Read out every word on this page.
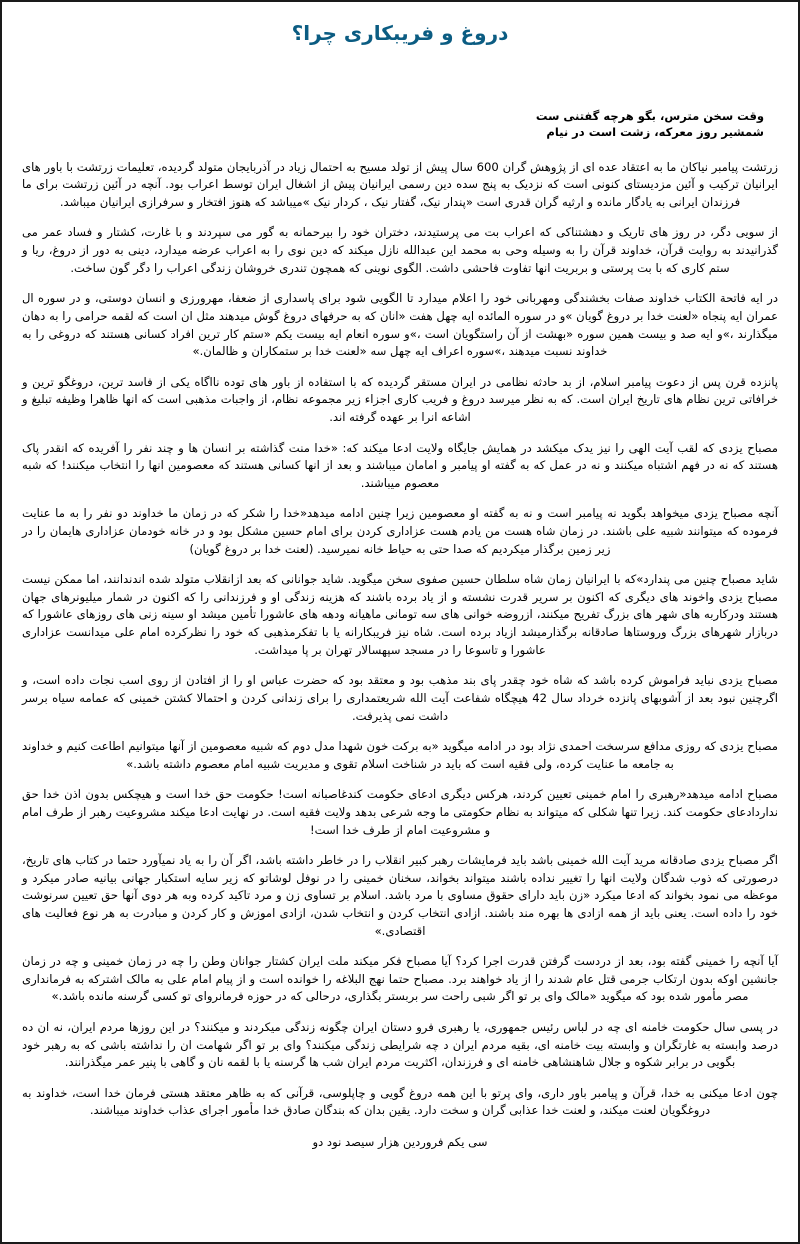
دروغ و فریبکاری چرا؟
وقت سخن مترس، بگو هرچه گفتنی ست
شمشیر روز معرکه، زشت است در نیام

زرتشت پیامبر نیاکان ما به اعتقاد عده ای از پژوهش گران 600 سال پیش از تولد مسیح به احتمال زیاد در آذربایجان متولد گردیده، تعلیمات زرتشت با باور های ایرانیان ترکیب و آئین مزدیستای کنونی است که نزدیک به پنج سده دین رسمی ایرانیان پیش از اشغال ایران توسط اعراب بود. آنچه در آئین زرتشت برای ما فرزندان ایرانی به یادگار مانده و ارثیه گران قدری است «پندار نیک، گفتار نیک ، کردار نیک »میباشد که هنوز افتخار و سرفرازی ایرانیان میباشد.

از سویی دگر، در روز های تاریک و دهشتناکی که اعراب بت می پرستیدند، دختران خود را بیرحمانه به گور می سپردند و با غارت، کشتار و فساد عمر می گذرانیدند به روایت قرآن، خداوند قرآن را به وسیله وحی به محمد این عبدالله نازل میکند که دین نوی را به اعراب عرضه میدارد، دینی به دور از دروغ، ریا و ستم کاری که با بت پرستی و بربریت انها تفاوت فاحشی داشت. الگوی نوینی که همچون تندری خروشان زندگی اعراب را دگر گون ساخت.

در ایه فاتحة الکتاب خداوند صفات بخشندگی ومهربانی خود را اعلام میدارد تا الگویی شود برای پاسداری از ضعفا، مهرورزی و انسان دوستی، و در سوره ال عمران ایه پنجاه «لعنت خدا بر دروغ گویان »و در سوره المائده ایه چهل هفت «انان که به حرفهای دروغ گوش میدهند مثل ان است که لقمه حرامی را به دهان میگذارند ،»و ایه صد و بیست همین سوره «بهشت از آن راستگویان است ،»و سوره انعام ایه بیست یکم «ستم کار ترین افراد کسانی هستند که دروغی را به خداوند نسبت میدهند ،»سوره اعراف ایه چهل سه «لعنت خدا بر ستمکاران و ظالمان.»

پانزده قرن پس از دعوت پیامبر اسلام، از بد حادثه نظامی در ایران مستقر گردیده که با استفاده از باور های توده نااگاه یکی از فاسد ترین، دروغگو ترین و خرافاتی ترین نظام های تاریخ ایران است. که به نظر میرسد دروغ و فریب کاری اجزاء زیر مجموعه نظام، از واجبات مذهبی است که انها ظاهرا وظیفه تبلیغ و اشاعه انرا بر عهده گرفته اند.

مصباح یزدی که لقب آیت الهی را نیز یدک میکشد در همایش جایگاه ولایت ادعا میکند که: «خدا منت گذاشته بر انسان ها و چند نفر را آفریده که انقدر پاک هستند که نه در فهم اشتباه میکنند و نه در عمل که به گفته او پیامبر و امامان میباشند و بعد از انها کسانی هستند که معصومین انها را انتخاب میکنند! که شبه معصوم میباشند.

آنچه مصباح یزدی میخواهد بگوید نه پیامبر است و نه به گفته او معصومین زیرا چنین ادامه میدهد«خدا را شکر که در زمان ما خداوند دو نفر را به ما عنایت فرموده که میتوانند شبیه علی باشند. در زمان شاه هست من یادم هست عزاداری کردن برای امام حسین مشکل بود و در خانه خودمان عزاداری هایمان را در زیر زمین برگذار میکردیم که صدا حتی به حیاط خانه نمیرسید. (لعنت خدا بر دروغ گویان)

شاید مصباح چنین می پندارد»که با ایرانیان زمان شاه سلطان حسین صفوی سخن میگوید. شاید جوانانی که بعد ازانقلاب متولد شده اندندانند، اما ممکن نیست مصباح یزدی واخوند های دیگری که اکنون بر سریر قدرت نشسته و از یاد برده باشند که هزینه زندگی او و فرزندانی را که اکنون در شمار میلیونرهای جهان هستند ودرکاربه های شهر های بزرگ تفریح میکنند، ازروضه خوانی های سه تومانی ماهیانه ودهه های عاشورا تأمین میشد او سینه زنی های روزهای عاشورا که دربازار شهرهای بزرگ وروستاها صادقانه برگذارمیشد ازیاد برده است. شاه نیز فریبکارانه یا با تفکرمذهبی که خود را نظرکرده امام علی میدانست عزاداری عاشورا و تاسوعا را در مسجد سپهسالار تهران بر پا میداشت.

مصباح یزدی نباید فراموش کرده باشد که شاه خود چقدر پای بند مذهب بود و معتقد بود که حضرت عباس او را از افتادن از روی اسب نجات داده است، و اگرچنین نبود بعد از آشوبهای پانزده خرداد سال 42 هیچگاه شفاعت آیت الله شریعتمداری را برای زندانی کردن و احتمالا کشتن خمینی که عمامه سیاه برسر داشت نمی پذیرفت.

مصباح یزدی که روزی مدافع سرسخت احمدی نژاد بود در ادامه میگوید «به برکت خون شهدا مدل دوم که شبیه معصومین از آنها میتوانیم اطاعت کنیم و خداوند به جامعه ما عنایت کرده، ولی فقیه است که باید در شناخت اسلام تقوی و مدیریت شبیه امام معصوم داشته باشد.»

مصباح ادامه میدهد«رهبری را امام خمینی تعیین کردند، هرکس دیگری ادعای حکومت کندغاصبانه است! حکومت حق خدا است و هیچکس بدون اذن خدا حق نداردادعای حکومت کند. زیرا تنها شکلی که میتواند به نظام حکومتی ما وجه شرعی بدهد ولایت فقیه است. در نهایت ادعا میکند مشروعیت رهبر از طرف امام و مشروعیت امام از طرف خدا است!

اگر مصباح یزدی صادقانه مرید آیت الله خمینی باشد باید فرمایشات رهبر کبیر انقلاب را در خاطر داشته باشد، اگر آن را به یاد نمیآورد حتما در کتاب های تاریخ، درصورتی که ذوب شدگان ولایت انها را تغییر نداده باشند میتواند بخواند، سخنان خمینی را در نوفل لوشاتو که زیر سایه استکبار جهانی بیانیه صادر میکرد و موعظه می نمود بخواند که ادعا میکرد «زن باید دارای حقوق مساوی با مرد باشد. اسلام بر تساوی زن و مرد تاکید کرده وبه هر دوی آنها حق تعیین سرنوشت خود را داده است. یعنی باید از همه ازادی ها بهره مند باشند. ازادی انتخاب کردن و انتخاب شدن، ازادی اموزش و کار کردن و مبادرت به هر نوع فعالیت های اقتصادی.»

آیا آنچه را خمینی گفته بود، بعد از دردست گرفتن قدرت اجرا کرد؟ آیا مصباح فکر میکند ملت ایران کشتار جوانان وطن را چه در زمان خمینی و چه در زمان جانشین اوکه بدون ارتکاب جرمی قتل عام شدند را از یاد خواهند برد. مصباح حتما نهج البلاغه را خوانده است و از پیام امام علی به مالک اشترکه به فرمانداری مصر مأمور شده بود که میگوید «مالک وای بر تو اگر شبی راحت سر بربستر بگذاری، درحالی که در حوزه فرمانروای تو کسی گرسنه مانده باشد.»

در پسی سال حکومت خامنه ای چه در لباس رئیس جمهوری، یا رهبری فرو دستان ایران چگونه زندگی میکردند و میکنند؟ در این روزها مردم ایران، نه ان ده درصد وابسته به غارتگران و وابسته بیت خامنه ای، بقیه مردم ایران د چه شرایطی زندگی میکنند؟ وای بر تو اگر شهامت ان را نداشته باشی که به رهبر خود بگویی در برابر شکوه و جلال شاهنشاهی خامنه ای و فرزندان، اکثریت مردم ایران شب ها گرسنه یا با لقمه نان و گاهی با پنیر عمر میگذرانند.

چون ادعا میکنی به خدا، قرآن و پیامبر باور داری، وای پرتو با این همه دروغ گویی و چاپلوسی، قرآنی که به ظاهر معتقد هستی فرمان خدا است، خداوند به دروغگویان لعنت میکند، و لعنت خدا عذابی گران و سخت دارد. یقین بدان که بندگان صادق خدا مأمور اجرای عذاب خداوند میباشند.

سی یکم فروردین هزار سیصد نود دو
